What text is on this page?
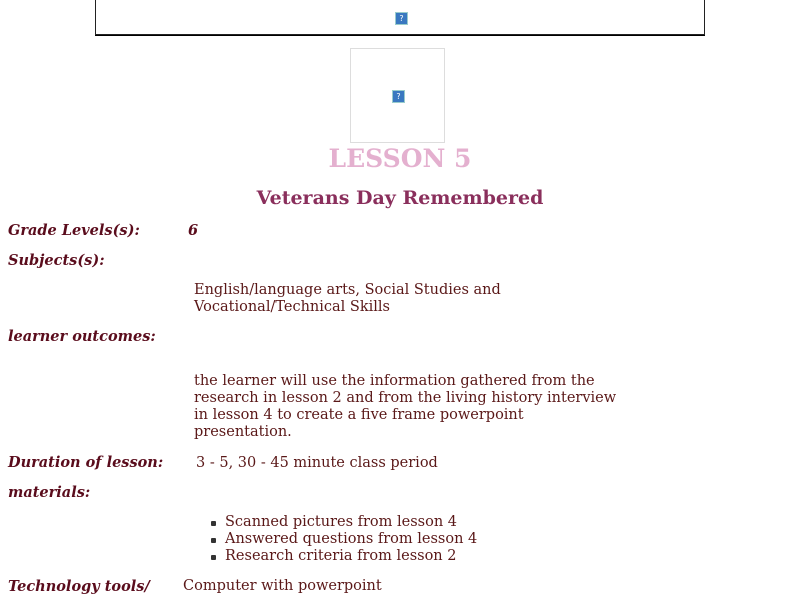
?
?
LESSON 5
Veterans Day Remembered
Grade Levels(s):	6
Subjects(s):
English/language arts, Social Studies and
Vocational/Technical Skills
learner outcomes:
the learner will use the information gathered from the
research in lesson 2 and from the living history interview
in lesson 4 to create a five frame powerpoint
presentation.
Duration of lesson: 3 - 5, 30 - 45 minute class period
materials:
Scanned pictures from lesson 4
Answered questions from lesson 4
Research criteria from lesson 2
Technology tools/ Computer with powerpoint
